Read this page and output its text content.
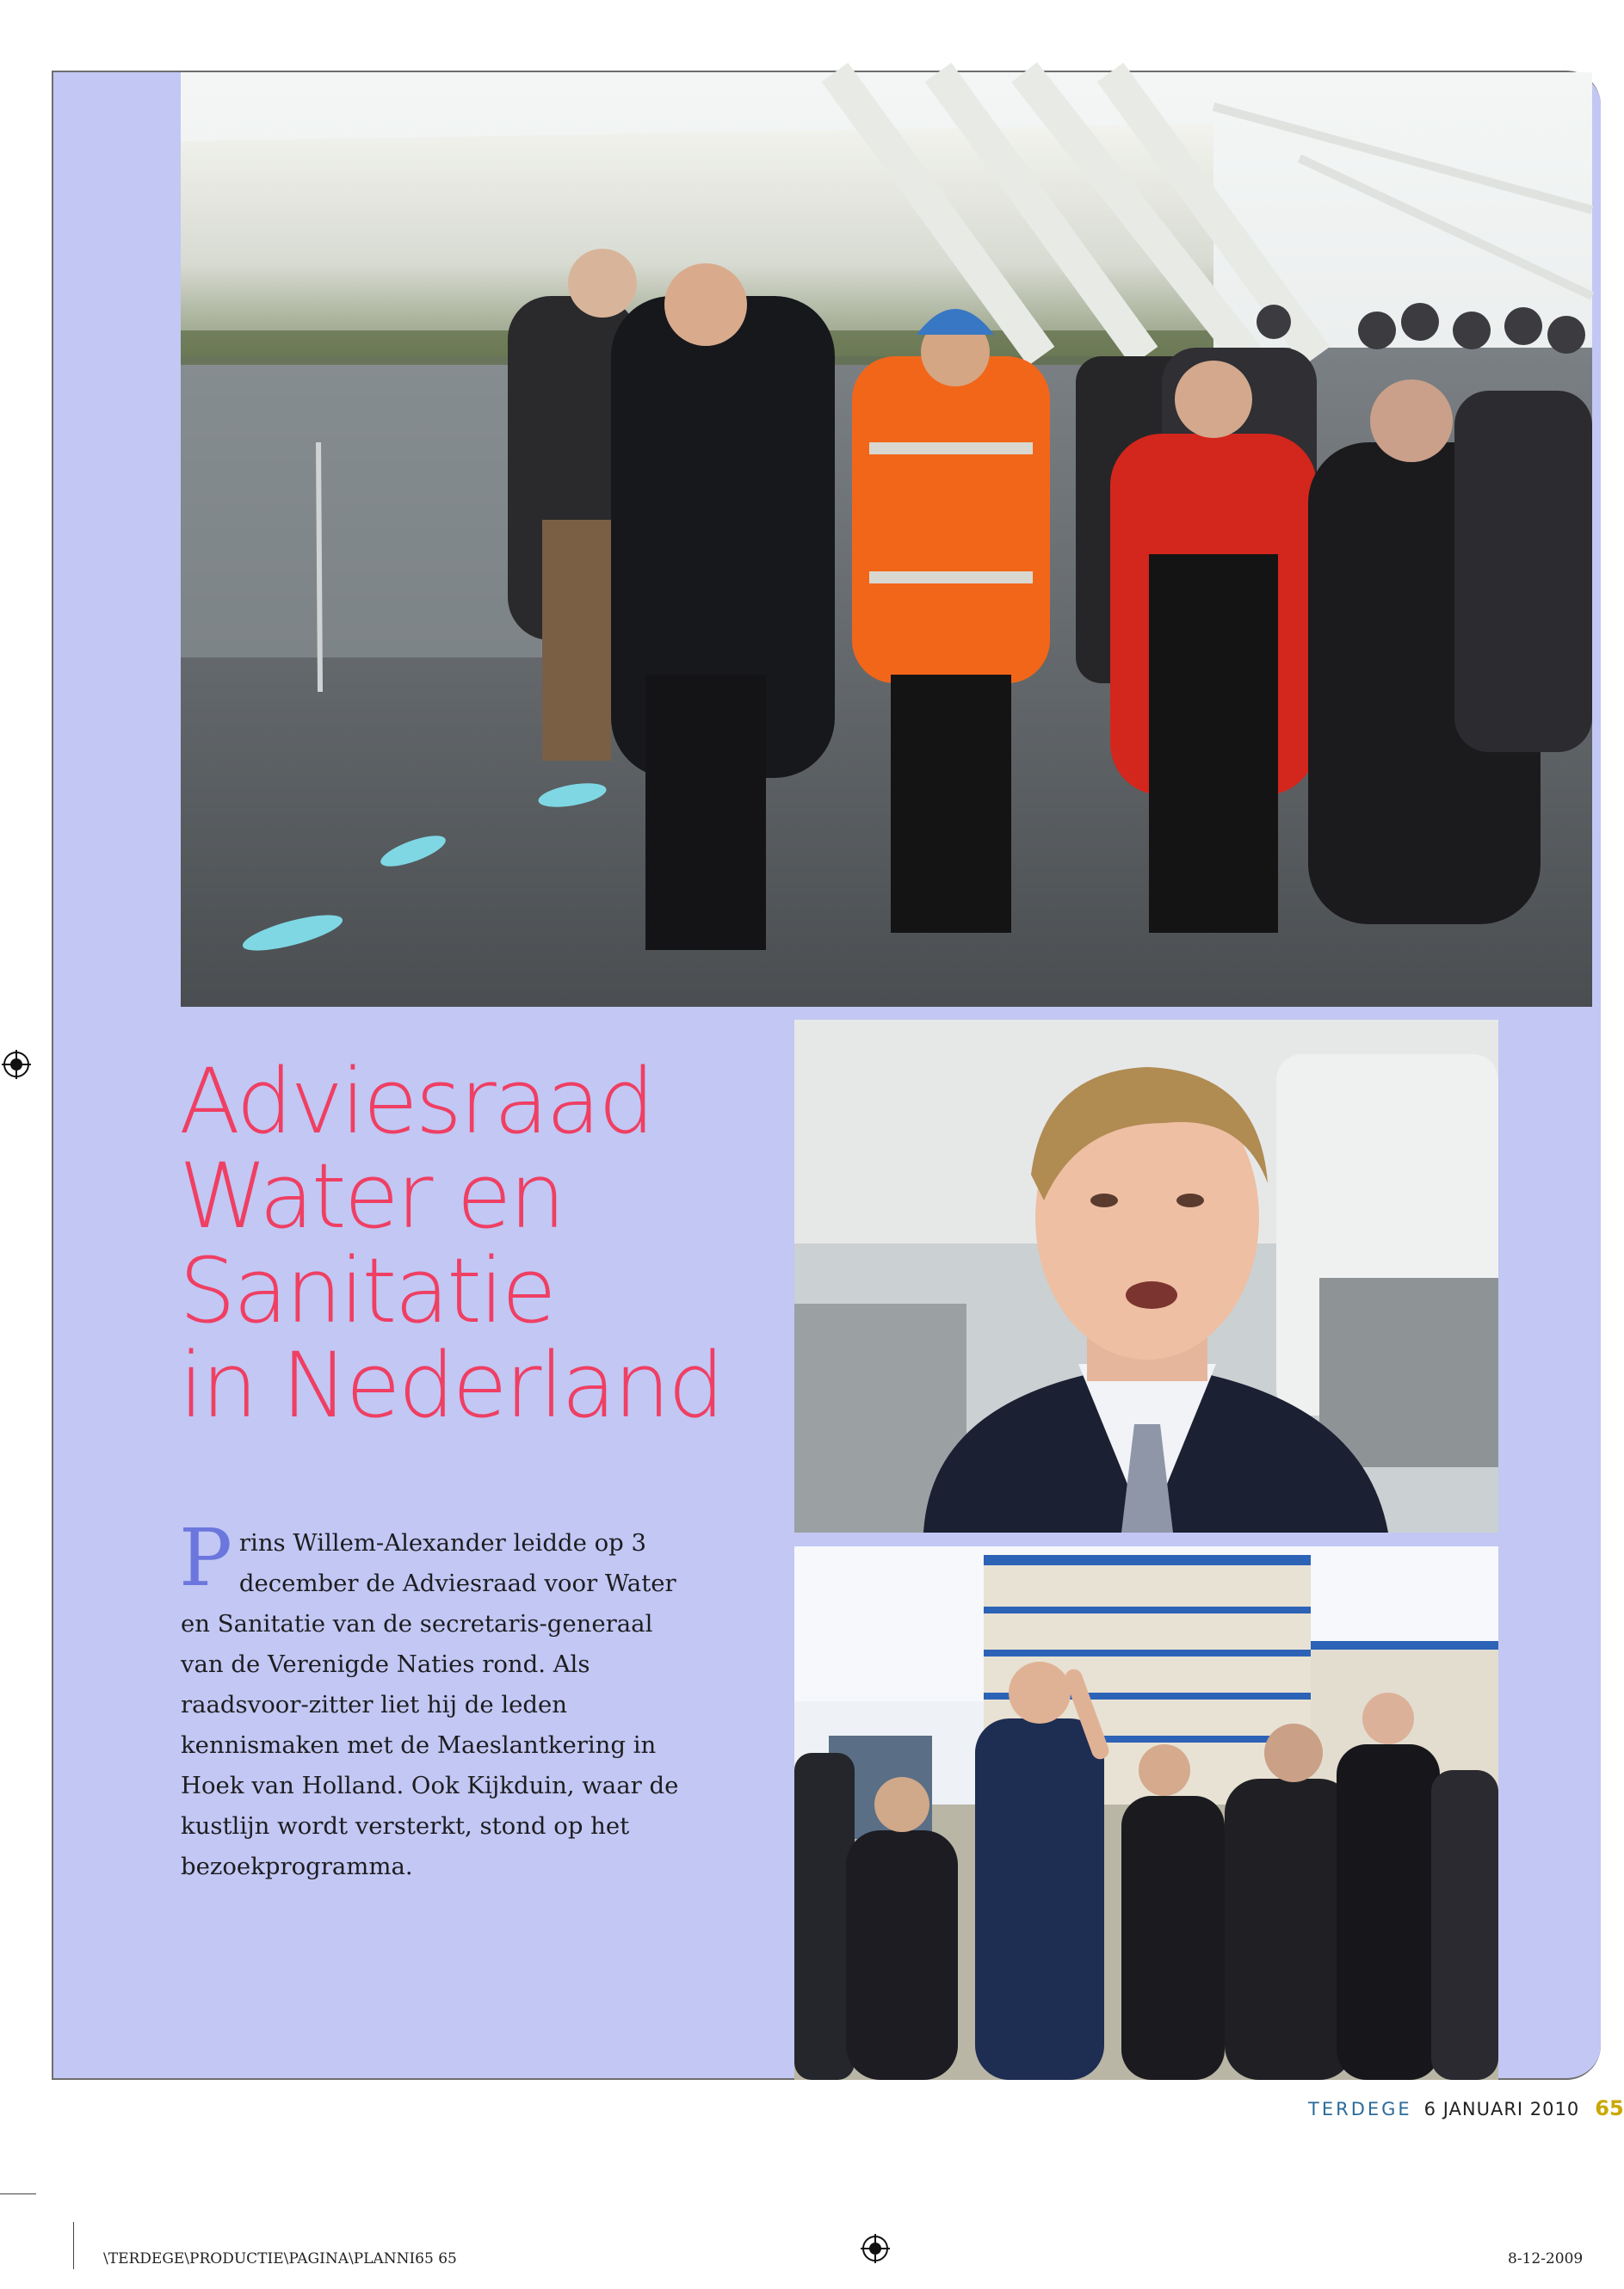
Adviesraad
Water en
Sanitatie
in Nederland

Prins Willem-Alexander leidde op 3 december de Adviesraad voor Water en Sanitatie van de secretaris-generaal van de Verenigde Naties rond. Als raadsvoor-zitter liet hij de leden kennismaken met de Maeslantkering in Hoek van Holland. Ook Kijkduin, waar de kustlijn wordt versterkt, stond op het bezoekprogramma.

TERDEGE 6 JANUARI 2010 65
\TERDEGE\PRODUCTIE\PAGINA\PLANNI65 65	8-12-2009
